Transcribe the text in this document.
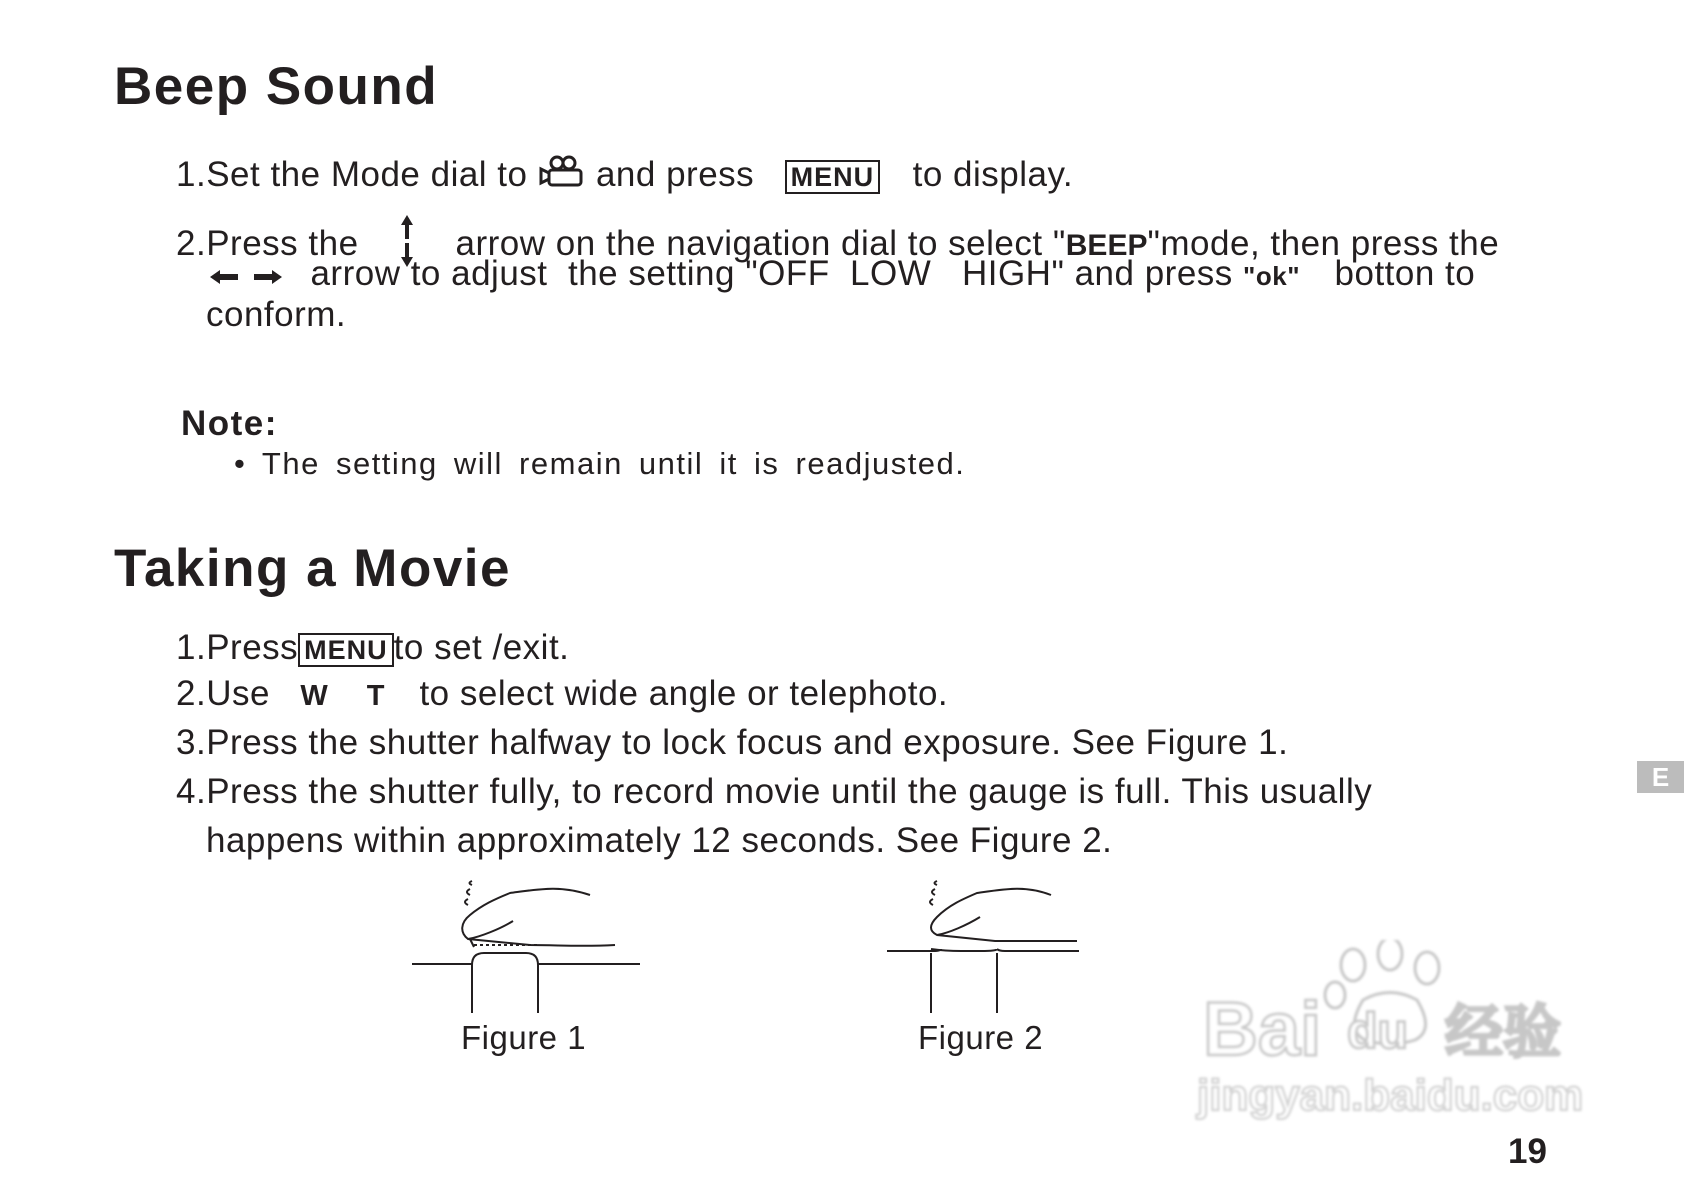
Beep Sound
1.Set the Mode dial to and press MENU to display.
2.Press the	arrow on the navigation dial to select "BEEP"mode, then press the
arrow to adjust  the setting "OFF  LOW   HIGH" and press "ok" botton to
conform.
Note:
• The setting will remain until it is readjusted.
Taking a Movie
1.Press MENU to set /exit.
2.Use W T to select wide angle or telephoto.
3.Press the shutter halfway to lock focus and exposure. See Figure 1.
4.Press the shutter fully, to record movie until the gauge is full. This usually
happens within approximately 12 seconds. See Figure 2.
Figure 1	Figure 2
E
Bai du 经验
jingyan.baidu.com
19
